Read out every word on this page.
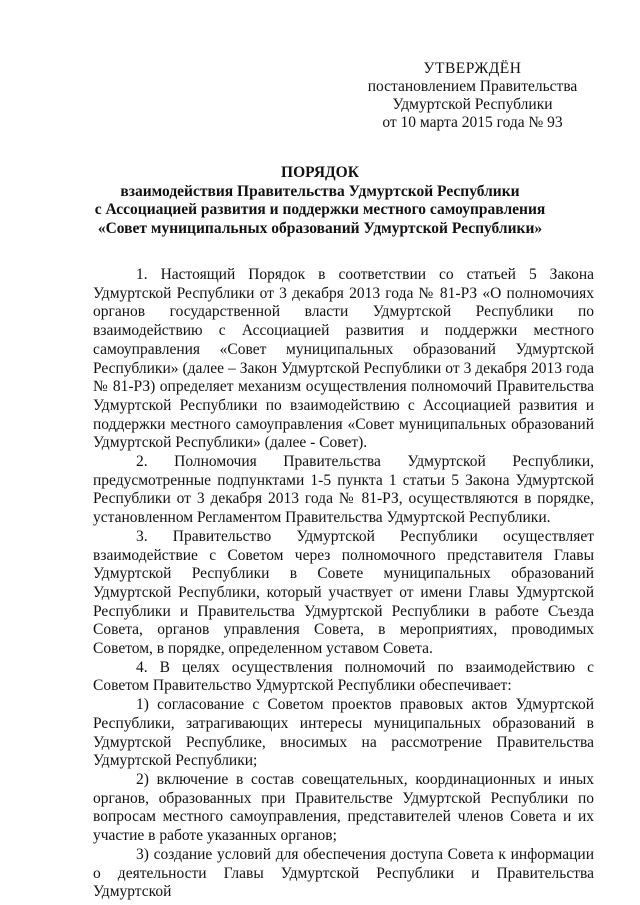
УТВЕРЖДЁН
постановлением Правительства
Удмуртской Республики
от 10 марта 2015 года № 93
ПОРЯДОК
взаимодействия Правительства Удмуртской Республики
с Ассоциацией развития и поддержки местного самоуправления
«Совет муниципальных образований Удмуртской Республики»

1. Настоящий Порядок в соответствии со статьей 5 Закона Удмуртской Республики от 3 декабря 2013 года № 81-РЗ «О полномочиях органов государственной власти Удмуртской Республики по взаимодействию с Ассоциацией развития и поддержки местного самоуправления «Совет муниципальных образований Удмуртской Республики» (далее – Закон Удмуртской Республики от 3 декабря 2013 года № 81-РЗ) определяет механизм осуществления полномочий Правительства Удмуртской Республики по взаимодействию с Ассоциацией развития и поддержки местного самоуправления «Совет муниципальных образований Удмуртской Республики» (далее - Совет).

2. Полномочия Правительства Удмуртской Республики, предусмотренные подпунктами 1-5 пункта 1 статьи 5 Закона Удмуртской Республики от 3 декабря 2013 года № 81-РЗ, осуществляются в порядке, установленном Регламентом Правительства Удмуртской Республики.

3. Правительство Удмуртской Республики осуществляет взаимодействие с Советом через полномочного представителя Главы Удмуртской Республики в Совете муниципальных образований Удмуртской Республики, который участвует от имени Главы Удмуртской Республики и Правительства Удмуртской Республики в работе Съезда Совета, органов управления Совета, в мероприятиях, проводимых Советом, в порядке, определенном уставом Совета.

4. В целях осуществления полномочий по взаимодействию с Советом Правительство Удмуртской Республики обеспечивает:

1) согласование с Советом проектов правовых актов Удмуртской Республики, затрагивающих интересы муниципальных образований в Удмуртской Республике, вносимых на рассмотрение Правительства Удмуртской Республики;

2) включение в состав совещательных, координационных и иных органов, образованных при Правительстве Удмуртской Республики по вопросам местного самоуправления, представителей членов Совета и их участие в работе указанных органов;

3) создание условий для обеспечения доступа Совета к информации о деятельности Главы Удмуртской Республики и Правительства Удмуртской
